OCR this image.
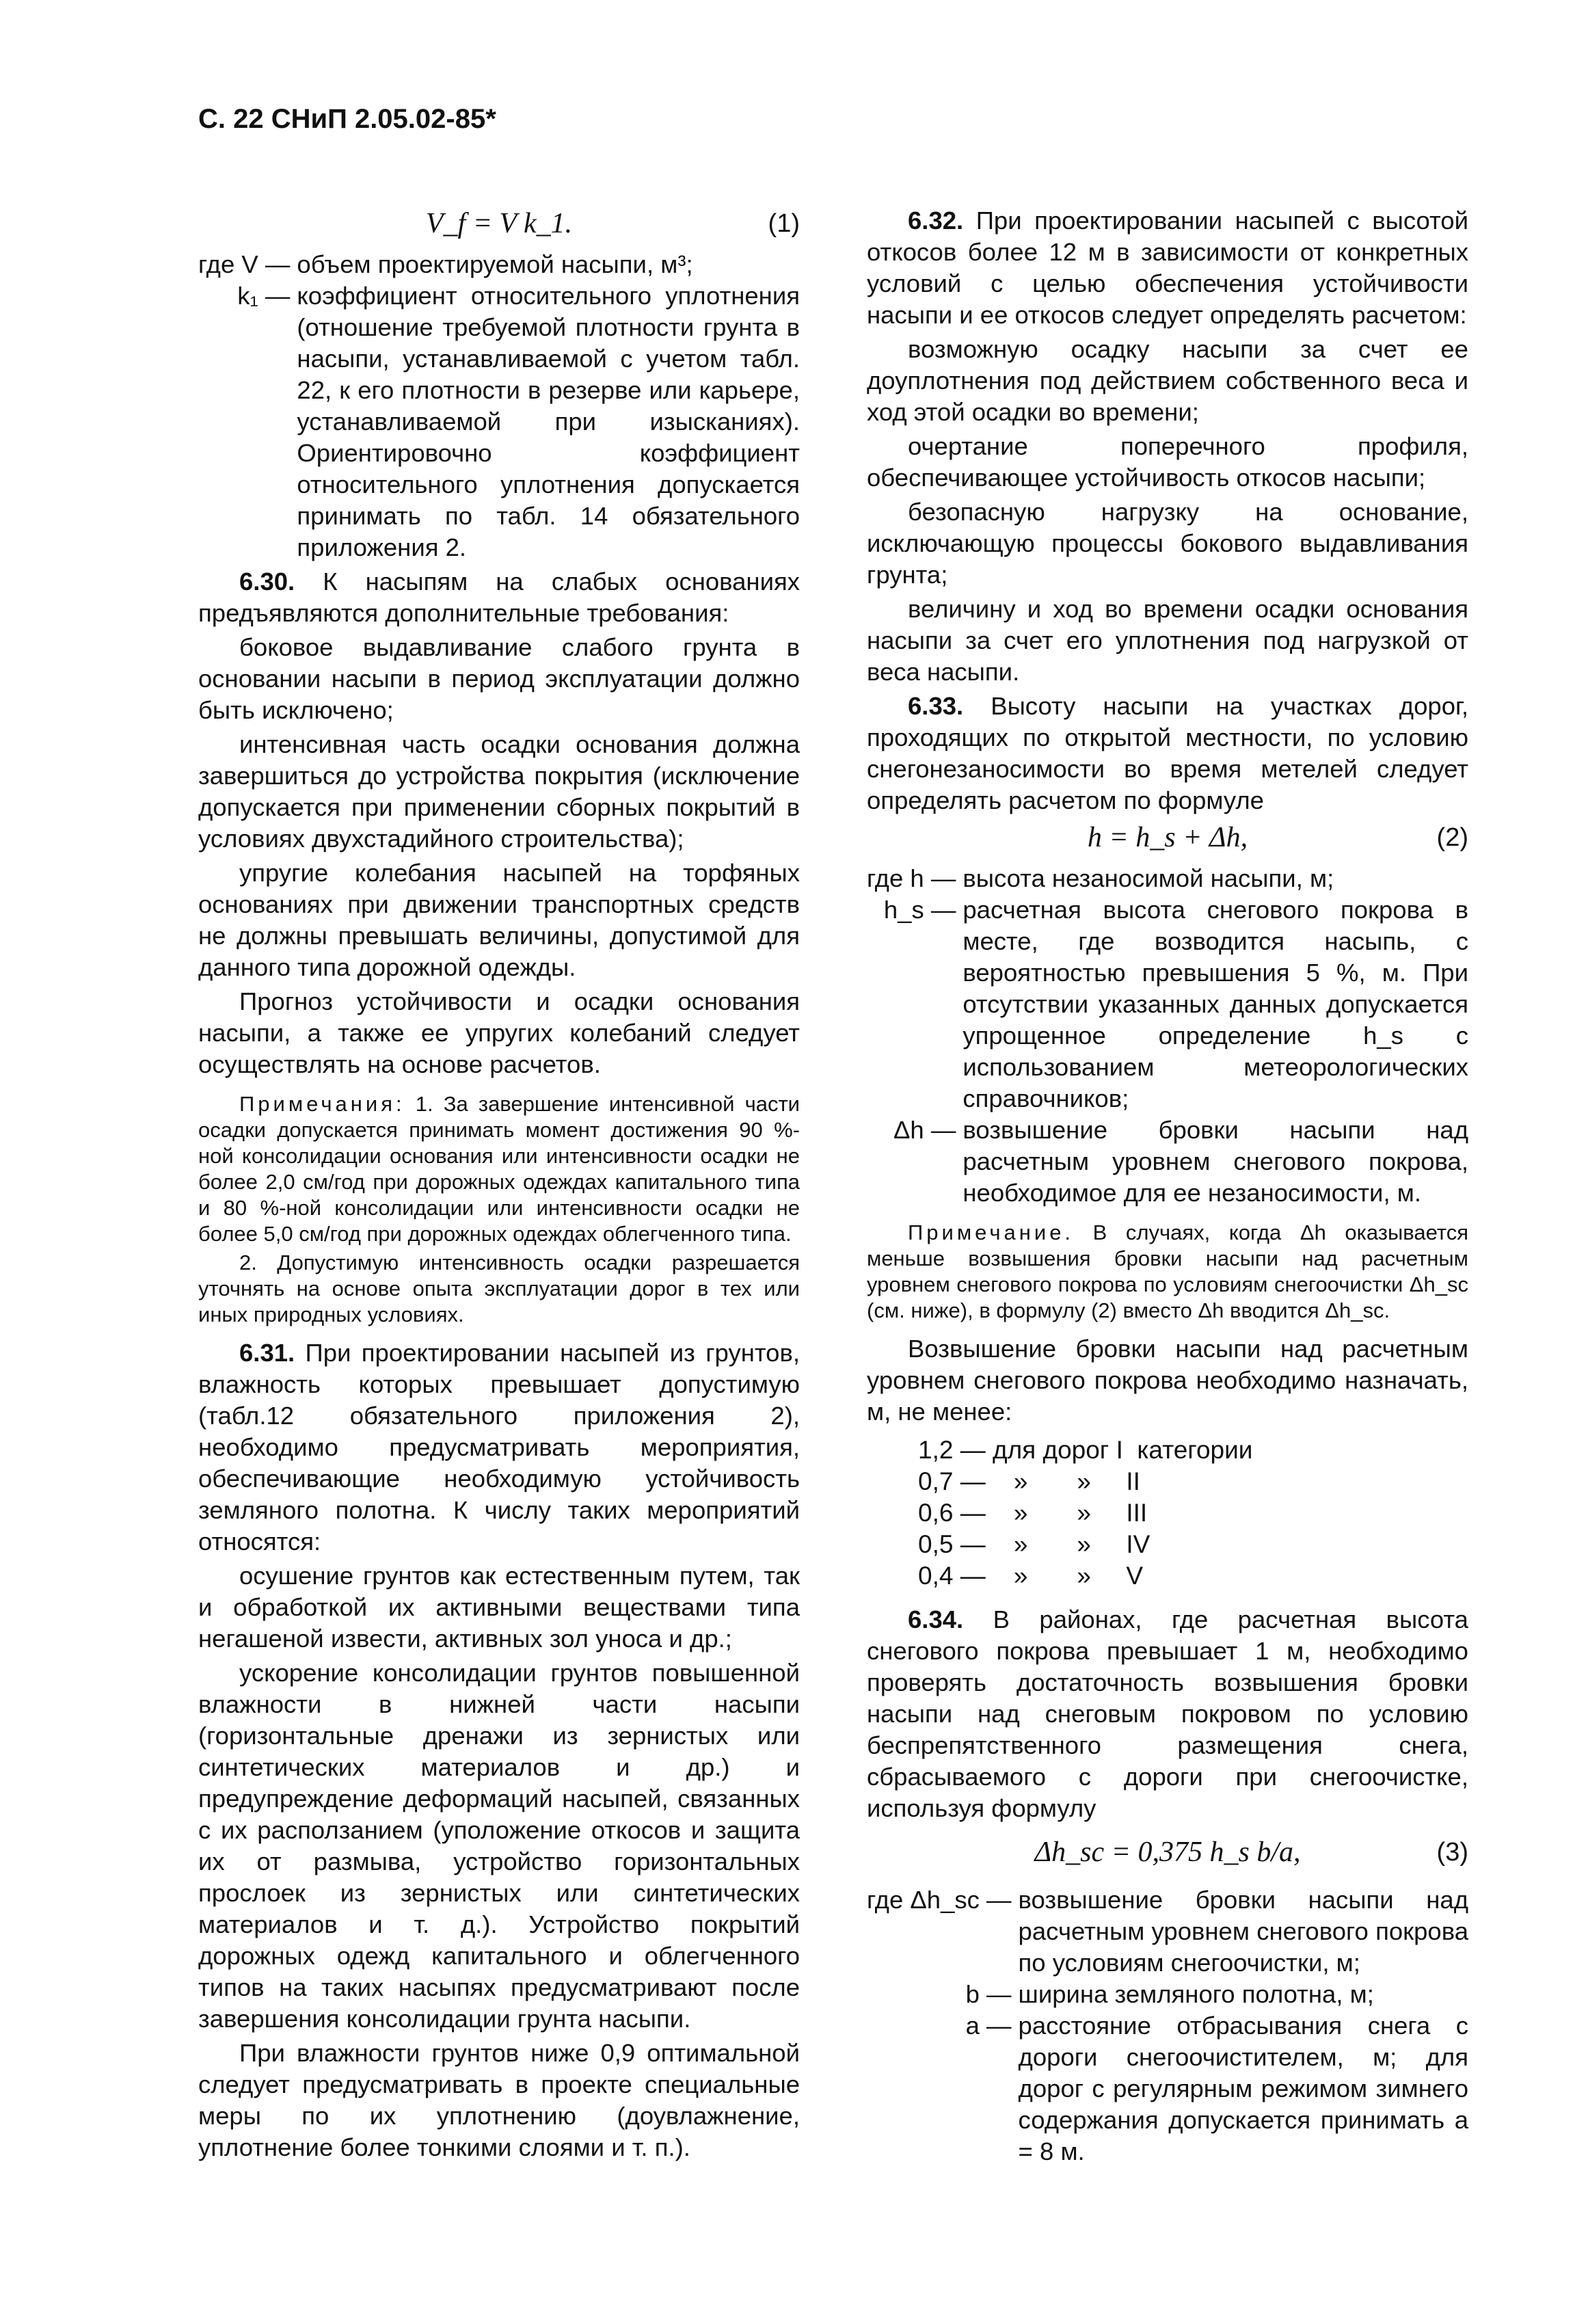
С. 22 СНиП 2.05.02-85*
V_f = V k_1.	(1)
где V — объем проектируемой насыпи, м³;
k₁ — коэффициент относительного уплотнения (отношение требуемой плотности грунта в насыпи, устанавливаемой с учетом табл. 22, к его плотности в резерве или карьере, устанавливаемой при изысканиях). Ориентировочно коэффициент относительного уплотнения допускается принимать по табл. 14 обязательного приложения 2.

6.30. К насыпям на слабых основаниях предъявляются дополнительные требования:

боковое выдавливание слабого грунта в основании насыпи в период эксплуатации должно быть исключено;

интенсивная часть осадки основания должна завершиться до устройства покрытия (исключение допускается при применении сборных покрытий в условиях двухстадийного строительства);

упругие колебания насыпей на торфяных основаниях при движении транспортных средств не должны превышать величины, допустимой для данного типа дорожной одежды.

Прогноз устойчивости и осадки основания насыпи, а также ее упругих колебаний следует осуществлять на основе расчетов.

Примечания: 1. За завершение интенсивной части осадки допускается принимать момент достижения 90 %-ной консолидации основания или интенсивности осадки не более 2,0 см/год при дорожных одеждах капитального типа и 80 %-ной консолидации или интенсивности осадки не более 5,0 см/год при дорожных одеждах облегченного типа.

2. Допустимую интенсивность осадки разрешается уточнять на основе опыта эксплуатации дорог в тех или иных природных условиях.

6.31. При проектировании насыпей из грунтов, влажность которых превышает допустимую (табл.12 обязательного приложения 2), необходимо предусматривать мероприятия, обеспечивающие необходимую устойчивость земляного полотна. К числу таких мероприятий относятся:

осушение грунтов как естественным путем, так и обработкой их активными веществами типа негашеной извести, активных зол уноса и др.;

ускорение консолидации грунтов повышенной влажности в нижней части насыпи (горизонтальные дренажи из зернистых или синтетических материалов и др.) и предупреждение деформаций насыпей, связанных с их расползанием (уположение откосов и защита их от размыва, устройство горизонтальных прослоек из зернистых или синтетических материалов и т. д.). Устройство покрытий дорожных одежд капитального и облегченного типов на таких насыпях предусматривают после завершения консолидации грунта насыпи.

При влажности грунтов ниже 0,9 оптимальной следует предусматривать в проекте специальные меры по их уплотнению (доувлажнение, уплотнение более тонкими слоями и т. п.).

6.32. При проектировании насыпей с высотой откосов более 12 м в зависимости от конкретных условий с целью обеспечения устойчивости насыпи и ее откосов следует определять расчетом:

возможную осадку насыпи за счет ее доуплотнения под действием собственного веса и ход этой осадки во времени;

очертание поперечного профиля, обеспечивающее устойчивость откосов насыпи;

безопасную нагрузку на основание, исключающую процессы бокового выдавливания грунта;

величину и ход во времени осадки основания насыпи за счет его уплотнения под нагрузкой от веса насыпи.

6.33. Высоту насыпи на участках дорог, проходящих по открытой местности, по условию снегонезаносимости во время метелей следует определять расчетом по формуле

h = h_s + Δh,	(2)
где h — высота незаносимой насыпи, м;
h_s — расчетная высота снегового покрова в месте, где возводится насыпь, с вероятностью превышения 5 %, м. При отсутствии указанных данных допускается упрощенное определение h_s с использованием метеорологических справочников;
Δh — возвышение бровки насыпи над расчетным уровнем снегового покрова, необходимое для ее незаносимости, м.

Примечание. В случаях, когда Δh оказывается меньше возвышения бровки насыпи над расчетным уровнем снегового покрова по условиям снегоочистки Δh_sc (см. ниже), в формулу (2) вместо Δh вводится Δh_sc.

Возвышение бровки насыпи над расчетным уровнем снегового покрова необходимо назначать, м, не менее:

1,2 — для дорог I  категории
0,7 —    »       »     II
0,6 —    »       »     III
0,5 —    »       »     IV
0,4 —    »       »     V

6.34. В районах, где расчетная высота снегового покрова превышает 1 м, необходимо проверять достаточность возвышения бровки насыпи над снеговым покровом по условию беспрепятственного размещения снега, сбрасываемого с дороги при снегоочистке, используя формулу

Δh_sc = 0,375 h_s b/a,	(3)
где Δh_sc — возвышение бровки насыпи над расчетным уровнем снегового покрова по условиям снегоочистки, м;
b — ширина земляного полотна, м;
a — расстояние отбрасывания снега с дороги снегоочистителем, м; для дорог с регулярным режимом зимнего содержания допускается принимать a = 8 м.
